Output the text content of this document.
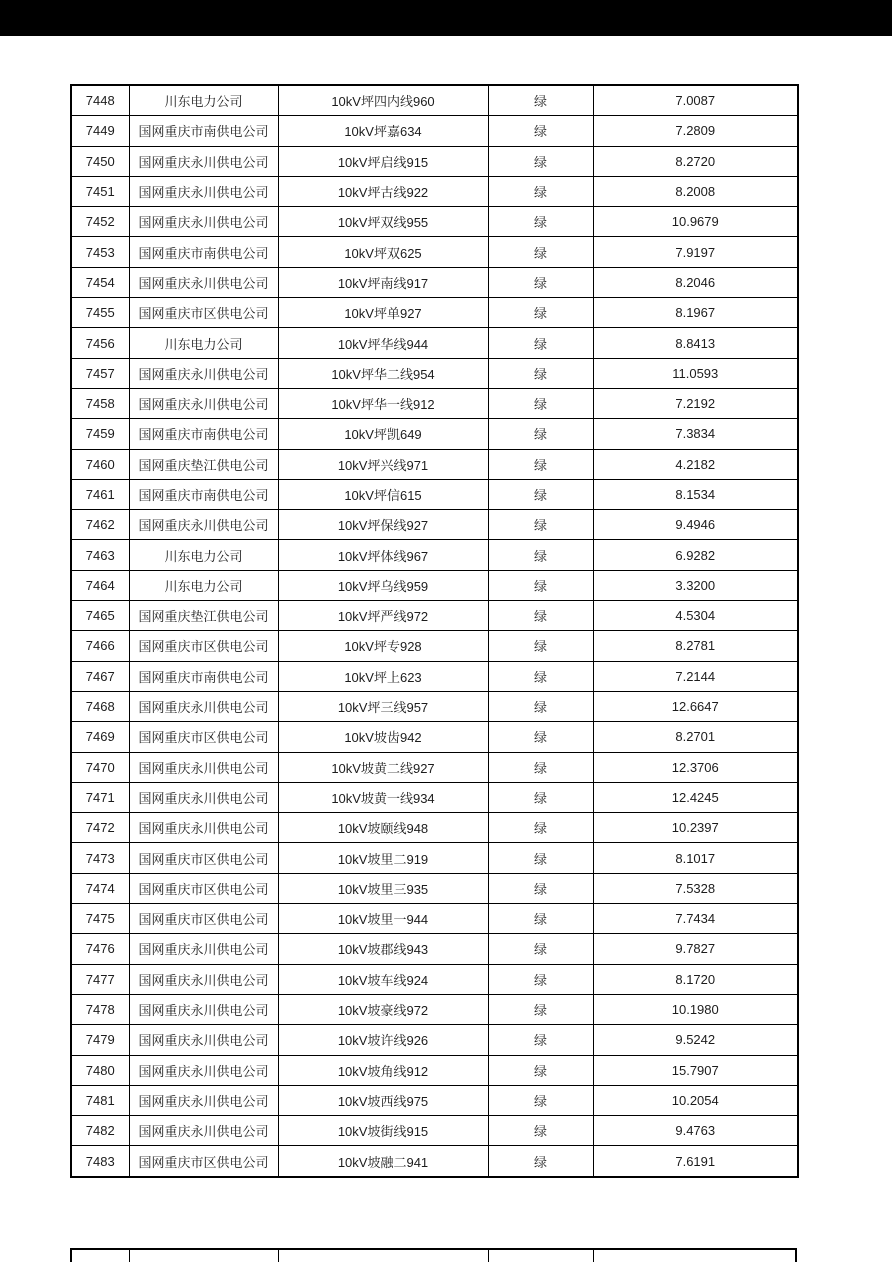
7448	川东电力公司	10kV坪四内线960	绿	7.0087
7449	国网重庆市南供电公司	10kV坪嘉634	绿	7.2809
7450	国网重庆永川供电公司	10kV坪启线915	绿	8.2720
7451	国网重庆永川供电公司	10kV坪古线922	绿	8.2008
7452	国网重庆永川供电公司	10kV坪双线955	绿	10.9679
7453	国网重庆市南供电公司	10kV坪双625	绿	7.9197
7454	国网重庆永川供电公司	10kV坪南线917	绿	8.2046
7455	国网重庆市区供电公司	10kV坪单927	绿	8.1967
7456	川东电力公司	10kV坪华线944	绿	8.8413
7457	国网重庆永川供电公司	10kV坪华二线954	绿	11.0593
7458	国网重庆永川供电公司	10kV坪华一线912	绿	7.2192
7459	国网重庆市南供电公司	10kV坪凯649	绿	7.3834
7460	国网重庆垫江供电公司	10kV坪兴线971	绿	4.2182
7461	国网重庆市南供电公司	10kV坪信615	绿	8.1534
7462	国网重庆永川供电公司	10kV坪保线927	绿	9.4946
7463	川东电力公司	10kV坪体线967	绿	6.9282
7464	川东电力公司	10kV坪乌线959	绿	3.3200
7465	国网重庆垫江供电公司	10kV坪严线972	绿	4.5304
7466	国网重庆市区供电公司	10kV坪专928	绿	8.2781
7467	国网重庆市南供电公司	10kV坪上623	绿	7.2144
7468	国网重庆永川供电公司	10kV坪三线957	绿	12.6647
7469	国网重庆市区供电公司	10kV坡齿942	绿	8.2701
7470	国网重庆永川供电公司	10kV坡黄二线927	绿	12.3706
7471	国网重庆永川供电公司	10kV坡黄一线934	绿	12.4245
7472	国网重庆永川供电公司	10kV坡颐线948	绿	10.2397
7473	国网重庆市区供电公司	10kV坡里二919	绿	8.1017
7474	国网重庆市区供电公司	10kV坡里三935	绿	7.5328
7475	国网重庆市区供电公司	10kV坡里一944	绿	7.7434
7476	国网重庆永川供电公司	10kV坡郡线943	绿	9.7827
7477	国网重庆永川供电公司	10kV坡车线924	绿	8.1720
7478	国网重庆永川供电公司	10kV坡豪线972	绿	10.1980
7479	国网重庆永川供电公司	10kV坡许线926	绿	9.5242
7480	国网重庆永川供电公司	10kV坡角线912	绿	15.7907
7481	国网重庆永川供电公司	10kV坡西线975	绿	10.2054
7482	国网重庆永川供电公司	10kV坡街线915	绿	9.4763
7483	国网重庆市区供电公司	10kV坡融二941	绿	7.6191
